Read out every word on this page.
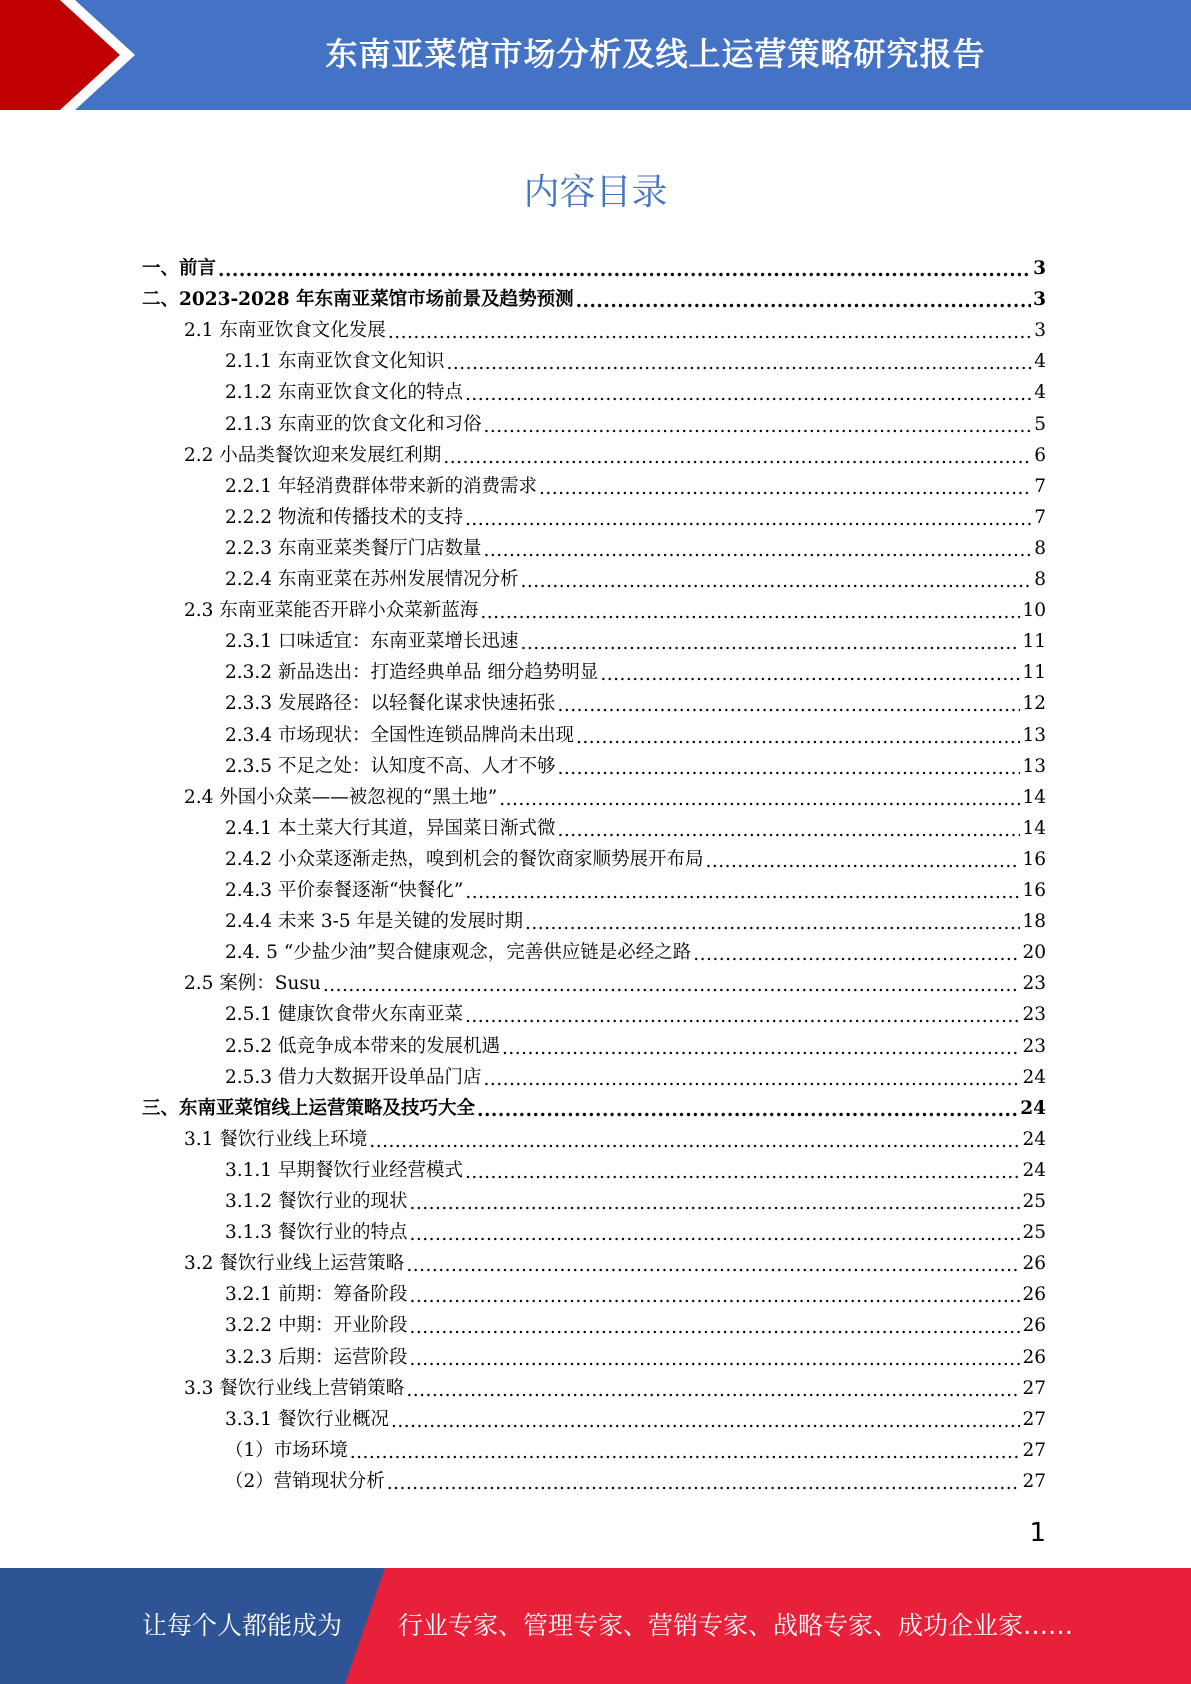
东南亚菜馆市场分析及线上运营策略研究报告
内容目录
一、前言 .....	3
二、2023-2028 年东南亚菜馆市场前景及趋势预测 .....	3
2.1 东南亚饮食文化发展 .....	3
2.1.1 东南亚饮食文化知识 .....	4
2.1.2 东南亚饮食文化的特点 .....	4
2.1.3 东南亚的饮食文化和习俗 .....	5
2.2 小品类餐饮迎来发展红利期 .....	6
2.2.1 年轻消费群体带来新的消费需求 .....	7
2.2.2 物流和传播技术的支持 .....	7
2.2.3 东南亚菜类餐厅门店数量 .....	8
2.2.4 东南亚菜在苏州发展情况分析 .....	8
2.3 东南亚菜能否开辟小众菜新蓝海 .....	10
2.3.1 口味适宜：东南亚菜增长迅速 .....	11
2.3.2 新品迭出：打造经典单品 细分趋势明显 .....	11
2.3.3 发展路径：以轻餐化谋求快速拓张 .....	12
2.3.4 市场现状：全国性连锁品牌尚未出现 .....	13
2.3.5 不足之处：认知度不高、人才不够 .....	13
2.4 外国小众菜——被忽视的“黑土地” .....	14
2.4.1 本土菜大行其道，异国菜日渐式微 .....	14
2.4.2 小众菜逐渐走热，嗅到机会的餐饮商家顺势展开布局 .....	16
2.4.3 平价泰餐逐渐“快餐化” .....	16
2.4.4 未来 3-5 年是关键的发展时期 .....	18
2.4. 5 “少盐少油”契合健康观念，完善供应链是必经之路 .....	20
2.5 案例：Susu .....	23
2.5.1 健康饮食带火东南亚菜 .....	23
2.5.2 低竞争成本带来的发展机遇 .....	23
2.5.3 借力大数据开设单品门店 .....	24
三、东南亚菜馆线上运营策略及技巧大全 .....	24
3.1 餐饮行业线上环境 .....	24
3.1.1 早期餐饮行业经营模式 .....	24
3.1.2 餐饮行业的现状 .....	25
3.1.3 餐饮行业的特点 .....	25
3.2 餐饮行业线上运营策略 .....	26
3.2.1 前期：筹备阶段 .....	26
3.2.2 中期：开业阶段 .....	26
3.2.3 后期：运营阶段 .....	26
3.3 餐饮行业线上营销策略 .....	27
3.3.1 餐饮行业概况 .....	27
（1）市场环境 .....	27
（2）营销现状分析 .....	27
1
让每个人都能成为 行业专家、管理专家、营销专家、战略专家、成功企业家……
